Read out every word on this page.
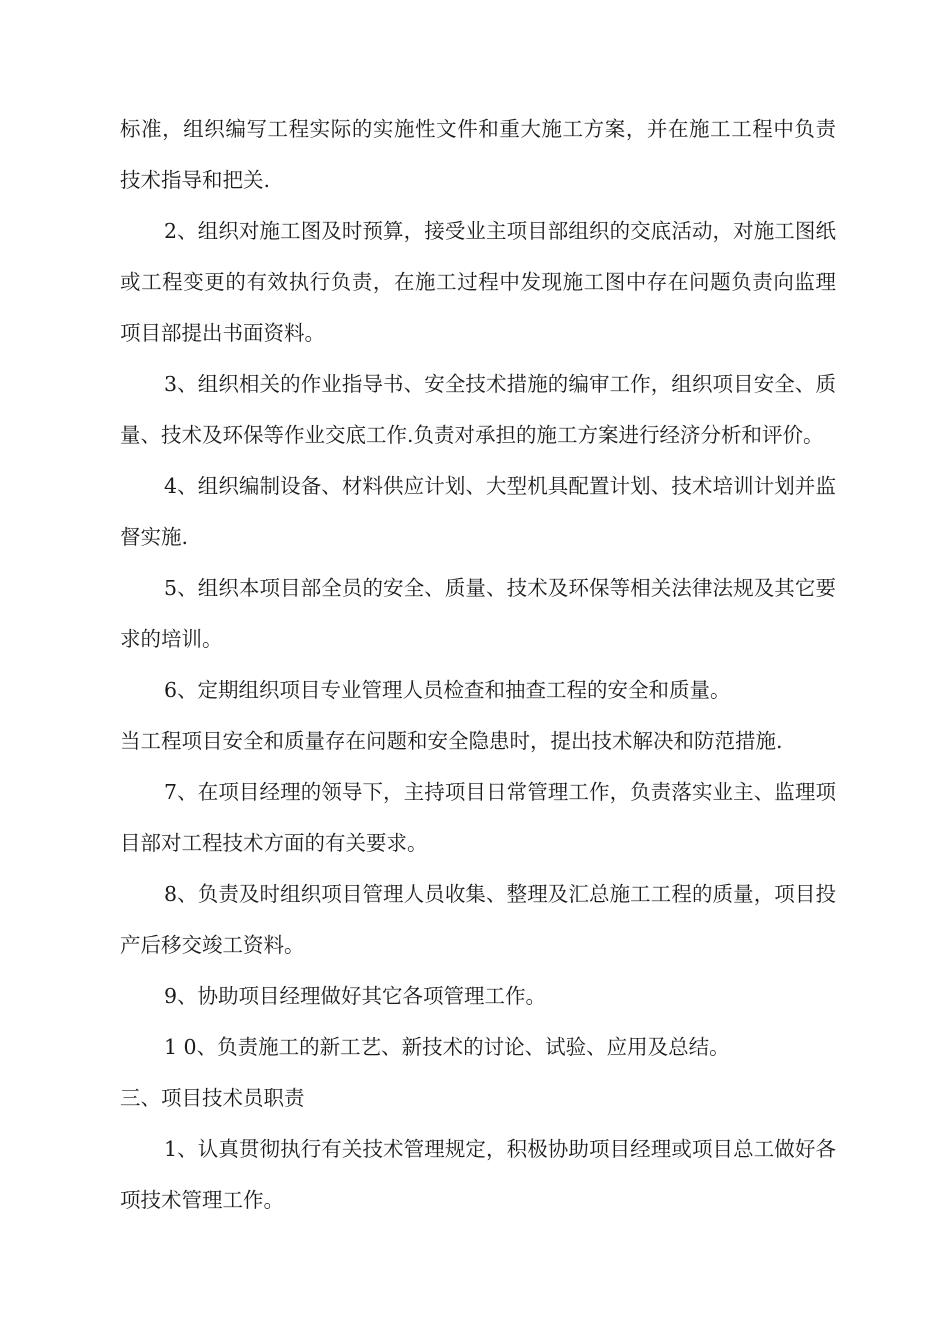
标准，组织编写工程实际的实施性文件和重大施工方案，并在施工工程中负责技术指导和把关.

2、组织对施工图及时预算，接受业主项目部组织的交底活动，对施工图纸或工程变更的有效执行负责，在施工过程中发现施工图中存在问题负责向监理项目部提出书面资料。

3、组织相关的作业指导书、安全技术措施的编审工作，组织项目安全、质量、技术及环保等作业交底工作.负责对承担的施工方案进行经济分析和评价。

4、组织编制设备、材料供应计划、大型机具配置计划、技术培训计划并监督实施.

5、组织本项目部全员的安全、质量、技术及环保等相关法律法规及其它要求的培训。

6、定期组织项目专业管理人员检查和抽查工程的安全和质量。

当工程项目安全和质量存在问题和安全隐患时，提出技术解决和防范措施.

7、在项目经理的领导下，主持项目日常管理工作，负责落实业主、监理项目部对工程技术方面的有关要求。

8、负责及时组织项目管理人员收集、整理及汇总施工工程的质量，项目投产后移交竣工资料。

9、协助项目经理做好其它各项管理工作。

1 0、负责施工的新工艺、新技术的讨论、试验、应用及总结。

三、项目技术员职责

1、认真贯彻执行有关技术管理规定，积极协助项目经理或项目总工做好各项技术管理工作。
